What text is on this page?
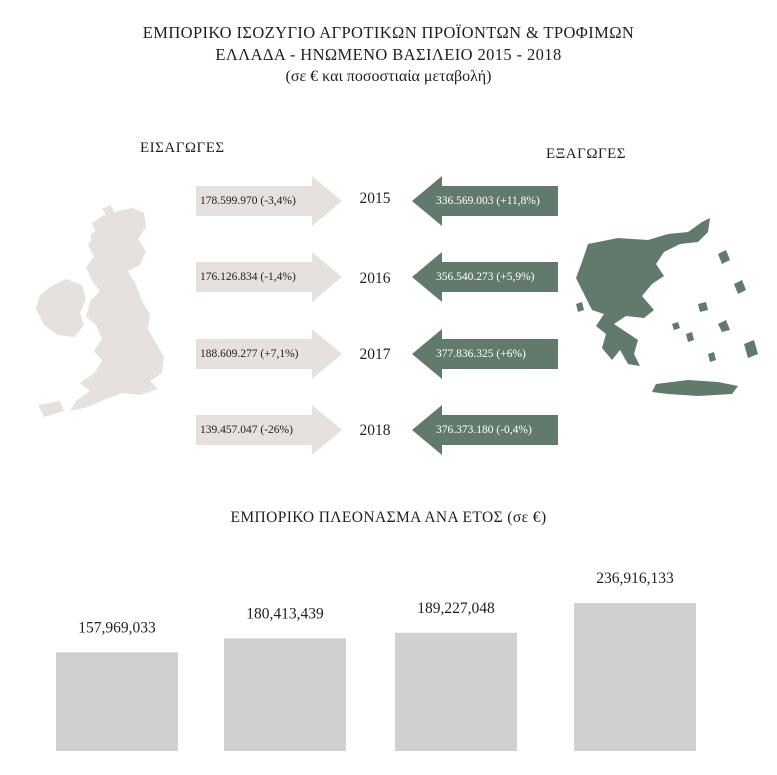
ΕΜΠΟΡΙΚΟ ΙΣΟΖΥΓΙΟ ΑΓΡΟΤΙΚΩΝ ΠΡΟΪΟΝΤΩΝ & ΤΡΟΦΙΜΩΝ
ΕΛΛΑΔΑ - ΗΝΩΜΕΝΟ ΒΑΣΙΛΕΙΟ 2015 - 2018
(σε € και ποσοστιαία μεταβολή)
ΕΙΣΑΓΩΓΕΣ	ΕΞΑΓΩΓΕΣ
178.599.970 (-3,4%)
176.126.834 (-1,4%)
188.609.277 (+7,1%)
139.457.047 (-26%)
2015
2016
2017
2018
336.569.003 (+11,8%)
356.540.273 (+5,9%)
377.836.325 (+6%)
376.373.180 (-0,4%)
ΕΜΠΟΡΙΚΟ ΠΛΕΟΝΑΣΜΑ ΑΝΑ ΕΤΟΣ (σε €)
157,969,033
180,413,439	189,227,048
236,916,133
